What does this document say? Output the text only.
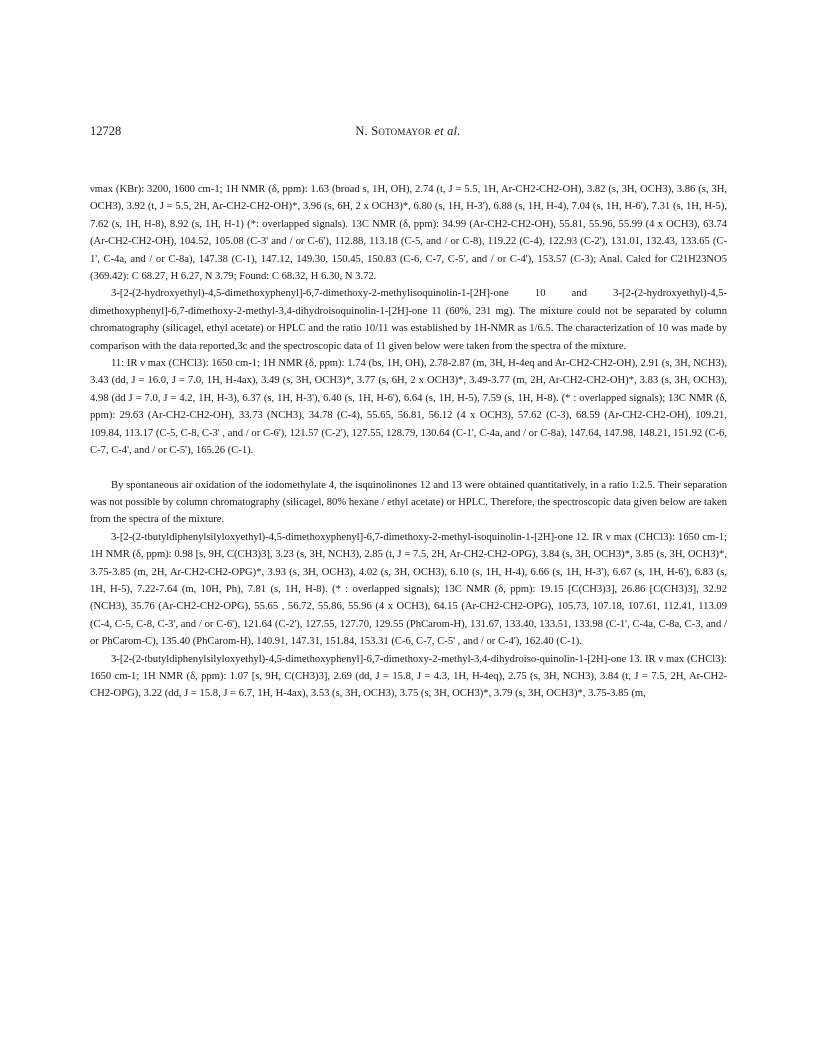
12728	N. Sotomayor et al.

νmax (KBr): 3200, 1600 cm-1; 1H NMR (δ, ppm): 1.63 (broad s, 1H, OH), 2.74 (t, J = 5.5, 1H, Ar-CH2-CH2-OH), 3.82 (s, 3H, OCH3), 3.86 (s, 3H, OCH3), 3.92 (t, J = 5.5, 2H, Ar-CH2-CH2-OH)*, 3.96 (s, 6H, 2 x OCH3)*, 6.80 (s, 1H, H-3'), 6.88 (s, 1H, H-4), 7.04 (s, 1H, H-6'), 7.31 (s, 1H, H-5), 7.62 (s, 1H, H-8), 8.92 (s, 1H, H-1) (*: overlapped signals). 13C NMR (δ, ppm): 34.99 (Ar-CH2-CH2-OH), 55.81, 55.96, 55.99 (4 x OCH3), 63.74 (Ar-CH2-CH2-OH), 104.52, 105.08 (C-3' and / or C-6'), 112.88, 113.18 (C-5, and / or C-8), 119.22 (C-4), 122.93 (C-2'), 131.01, 132.43, 133.65 (C-1', C-4a, and / or C-8a), 147.38 (C-1), 147.12, 149.30, 150.45, 150.83 (C-6, C-7, C-5', and / or C-4'), 153.57 (C-3); Anal. Calcd for C21H23NO5 (369.42): C 68.27, H 6.27, N 3.79; Found: C 68.32, H 6.30, N 3.72.

3-[2-(2-hydroxyethyl)-4,5-dimethoxyphenyl]-6,7-dimethoxy-2-methylisoquinolin-1-[2H]-one 10 and 3-[2-(2-hydroxyethyl)-4,5-dimethoxyphenyl]-6,7-dimethoxy-2-methyl-3,4-dihydroisoquinolin-1-[2H]-one 11 (60%, 231 mg). The mixture could not be separated by column chromatography (silicagel, ethyl acetate) or HPLC and the ratio 10/11 was established by 1H-NMR as 1/6.5. The characterization of 10 was made by comparison with the data reported,3c and the spectroscopic data of 11 given below were taken from the spectra of the mixture.

11: IR ν max (CHCl3): 1650 cm-1; 1H NMR (δ, ppm): 1.74 (bs, 1H, OH), 2.78-2.87 (m, 3H, H-4eq and Ar-CH2-CH2-OH), 2.91 (s, 3H, NCH3), 3.43 (dd, J = 16.0, J = 7.0, 1H, H-4ax), 3.49 (s, 3H, OCH3)*, 3.77 (s, 6H, 2 x OCH3)*, 3.49-3.77 (m, 2H, Ar-CH2-CH2-OH)*, 3.83 (s, 3H, OCH3), 4.98 (dd J = 7.0, J = 4.2, 1H, H-3), 6.37 (s, 1H, H-3'), 6.40 (s, 1H, H-6'), 6.64 (s, 1H, H-5), 7.59 (s, 1H, H-8). (* : overlapped signals); 13C NMR (δ, ppm): 29.63 (Ar-CH2-CH2-OH), 33.73 (NCH3), 34.78 (C-4), 55.65, 56.81, 56.12 (4 x OCH3), 57.62 (C-3), 68.59 (Ar-CH2-CH2-OH), 109.21, 109.84, 113.17 (C-5, C-8, C-3' , and / or C-6'), 121.57 (C-2'), 127.55, 128.79, 130.64 (C-1', C-4a, and / or C-8a), 147.64, 147.98, 148.21, 151.92 (C-6, C-7, C-4', and / or C-5'), 165.26 (C-1).

By spontaneous air oxidation of the iodomethylate 4, the isquinolinones 12 and 13 were obtained quantitatively, in a ratio 1:2.5. Their separation was not possible by column chromatography (silicagel, 80% hexane / ethyl acetate) or HPLC. Therefore, the spectroscopic data given below are taken from the spectra of the mixture.

3-[2-(2-tbutyldiphenylsilyloxyethyl)-4,5-dimethoxyphenyl]-6,7-dimethoxy-2-methyl-isoquinolin-1-[2H]-one 12. IR ν max (CHCl3): 1650 cm-1; 1H NMR (δ, ppm): 0.98 [s, 9H, C(CH3)3], 3.23 (s, 3H, NCH3), 2.85 (t, J = 7.5, 2H, Ar-CH2-CH2-OPG), 3.84 (s, 3H, OCH3)*, 3.85 (s, 3H, OCH3)*, 3.75-3.85 (m, 2H, Ar-CH2-CH2-OPG)*, 3.93 (s, 3H, OCH3), 4.02 (s, 3H, OCH3), 6.10 (s, 1H, H-4), 6.66 (s, 1H, H-3'), 6.67 (s, 1H, H-6'), 6.83 (s, 1H, H-5), 7.22-7.64 (m, 10H, Ph), 7.81 (s, 1H, H-8). (* : overlapped signals); 13C NMR (δ, ppm): 19.15 [C(CH3)3], 26.86 [C(CH3)3], 32.92 (NCH3), 35.76 (Ar-CH2-CH2-OPG), 55.65 , 56.72, 55.86, 55.96 (4 x OCH3), 64.15 (Ar-CH2-CH2-OPG), 105.73, 107.18, 107.61, 112.41, 113.09 (C-4, C-5, C-8, C-3', and / or C-6'), 121.64 (C-2'), 127.55, 127.70, 129.55 (PhCarom-H), 131.67, 133.40, 133.51, 133.98 (C-1', C-4a, C-8a, C-3, and / or PhCarom-C), 135.40 (PhCarom-H), 140.91, 147.31, 151.84, 153.31 (C-6, C-7, C-5' , and / or C-4'), 162.40 (C-1).

3-[2-(2-tbutyldiphenylsilyloxyethyl)-4,5-dimethoxyphenyl]-6,7-dimethoxy-2-methyl-3,4-dihydroiso-quinolin-1-[2H]-one 13. IR ν max (CHCl3): 1650 cm-1; 1H NMR (δ, ppm): 1.07 [s, 9H, C(CH3)3], 2.69 (dd, J = 15.8, J = 4.3, 1H, H-4eq), 2.75 (s, 3H, NCH3), 3.84 (t, J = 7.5, 2H, Ar-CH2-CH2-OPG), 3.22 (dd, J = 15.8, J = 6.7, 1H, H-4ax), 3.53 (s, 3H, OCH3), 3.75 (s, 3H, OCH3)*, 3.79 (s, 3H, OCH3)*, 3.75-3.85 (m,
